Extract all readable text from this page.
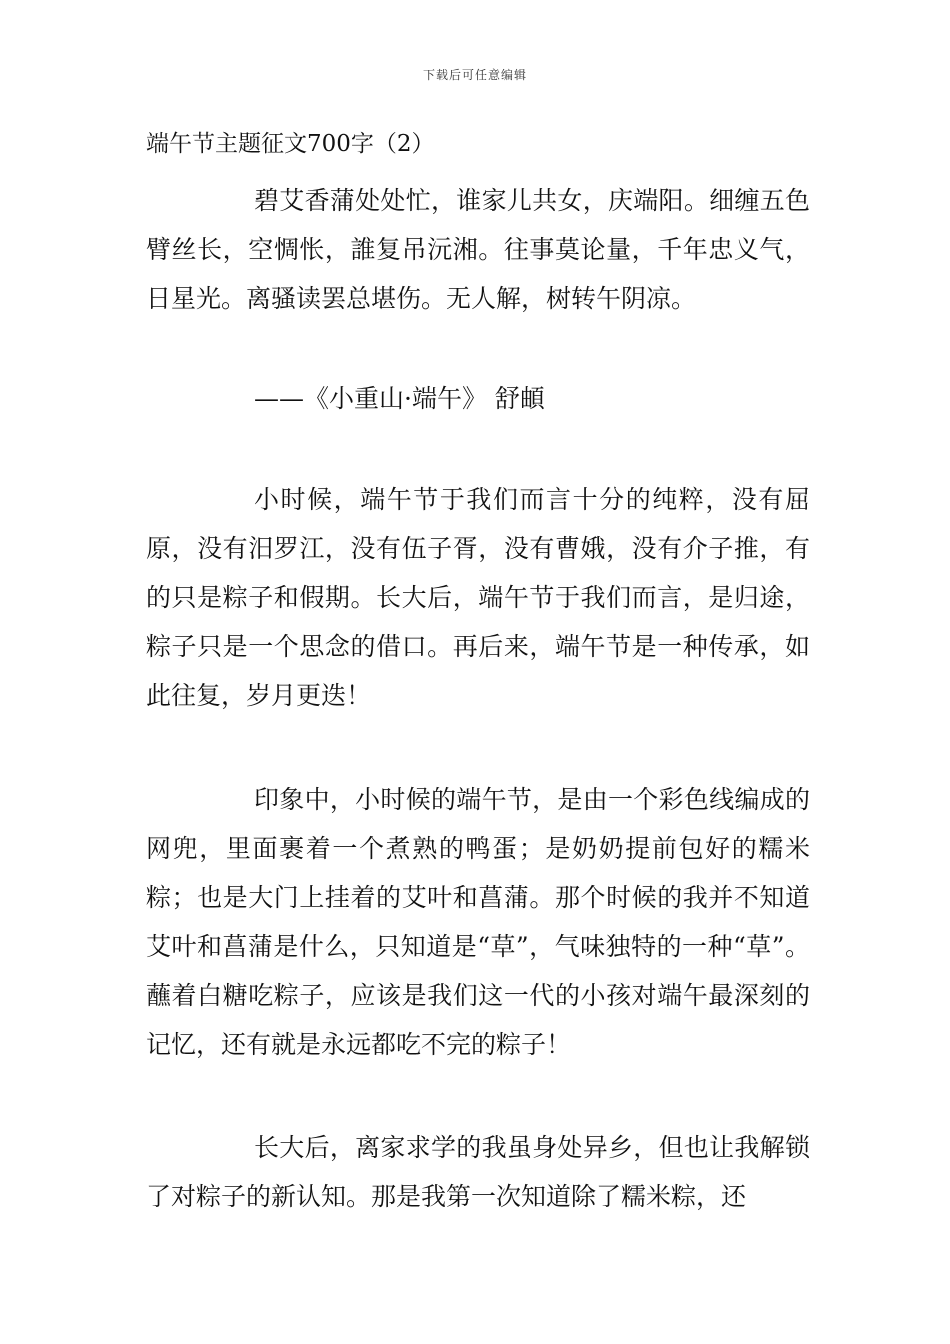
下载后可任意编辑
端午节主题征文700字（2）

碧艾香蒲处处忙，谁家儿共女，庆端阳。细缠五色臂丝长，空惆怅，誰复吊沅湘。往事莫论量，千年忠义气，日星光。离骚读罢总堪伤。无人解，树转午阴凉。

——《小重山·端午》 舒頔

小时候，端午节于我们而言十分的纯粹，没有屈原，没有汨罗江，没有伍子胥，没有曹娥，没有介子推，有的只是粽子和假期。长大后，端午节于我们而言，是归途，粽子只是一个思念的借口。再后来，端午节是一种传承，如此往复，岁月更迭！

印象中，小时候的端午节，是由一个彩色线编成的网兜，里面裹着一个煮熟的鸭蛋；是奶奶提前包好的糯米粽；也是大门上挂着的艾叶和菖蒲。那个时候的我并不知道艾叶和菖蒲是什么，只知道是“草”，气味独特的一种“草”。蘸着白糖吃粽子，应该是我们这一代的小孩对端午最深刻的记忆，还有就是永远都吃不完的粽子！

长大后，离家求学的我虽身处异乡，但也让我解锁了对粽子的新认知。那是我第一次知道除了糯米粽，还
